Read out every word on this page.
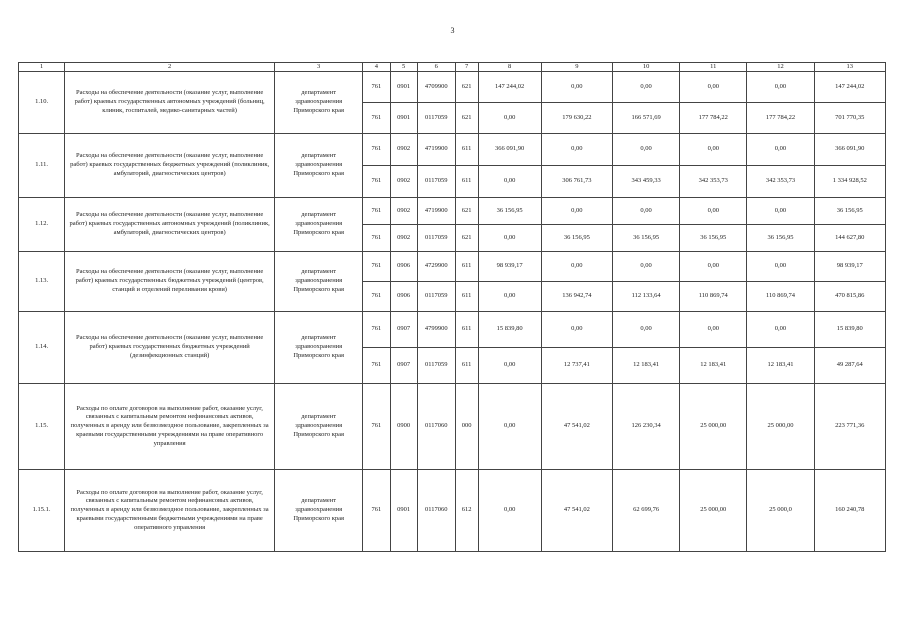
3
1	2	3	4	5	6	7	8	9	10	11	12	13
1.10.	Расходы на обеспечение деятельности (оказание услуг, выполнение работ) краевых государственных автономных учреждений (больниц, клиник, госпиталей, медико-санитарных частей)	департамент здравоохранения Приморского края	761	0901	4709900	621	147 244,02	0,00	0,00	0,00	0,00	147 244,02
			761	0901	0117059	621	0,00	179 630,22	166 571,69	177 784,22	177 784,22	701 770,35
1.11.	Расходы на обеспечение деятельности (оказание услуг, выполнение работ) краевых государственных бюджетных учреждений (поликлиник, амбулаторий, диагностических центров)	департамент здравоохранения Приморского края	761	0902	4719900	611	366 091,90	0,00	0,00	0,00	0,00	366 091,90
			761	0902	0117059	611	0,00	306 761,73	343 459,33	342 353,73	342 353,73	1 334 928,52
1.12.	Расходы на обеспечение деятельности (оказание услуг, выполнение работ) краевых государственных автономных учреждений (поликлиник, амбулаторий, диагностических центров)	департамент здравоохранения Приморского края	761	0902	4719900	621	36 156,95	0,00	0,00	0,00	0,00	36 156,95
			761	0902	0117059	621	0,00	36 156,95	36 156,95	36 156,95	36 156,95	144 627,80
1.13.	Расходы на обеспечение деятельности (оказание услуг, выполнение работ) краевых государственных бюджетных учреждений (центров, станций и отделений переливания крови)	департамент здравоохранения Приморского края	761	0906	4729900	611	98 939,17	0,00	0,00	0,00	0,00	98 939,17
			761	0906	0117059	611	0,00	136 942,74	112 133,64	110 869,74	110 869,74	470 815,86
1.14.	Расходы на обеспечение деятельности (оказание услуг, выполнение работ) краевых государственных бюджетных учреждений (дезинфекционных станций)	департамент здравоохранения Приморского края	761	0907	4799900	611	15 839,80	0,00	0,00	0,00	0,00	15 839,80
			761	0907	0117059	611	0,00	12 737,41	12 183,41	12 183,41	12 183,41	49 287,64
1.15.	Расходы по оплате договоров на выполнение работ, оказание услуг, связанных с капитальным ремонтом нефинансовых активов, полученных в аренду или безвозмездное пользование, закрепленных за краевыми государственными учреждениями на праве оперативного управления	департамент здравоохранения Приморского края	761	0900	0117060	000	0,00	47 541,02	126 230,34	25 000,00	25 000,00	223 771,36
1.15.1.	Расходы по оплате договоров на выполнение работ, оказание услуг, связанных с капитальным ремонтом нефинансовых активов, полученных в аренду или безвозмездное пользование, закрепленных за краевыми государственными бюджетными учреждениями на праве оперативного управления	департамент здравоохранения Приморского края	761	0901	0117060	612	0,00	47 541,02	62 699,76	25 000,00	25 000,0	160 240,78
